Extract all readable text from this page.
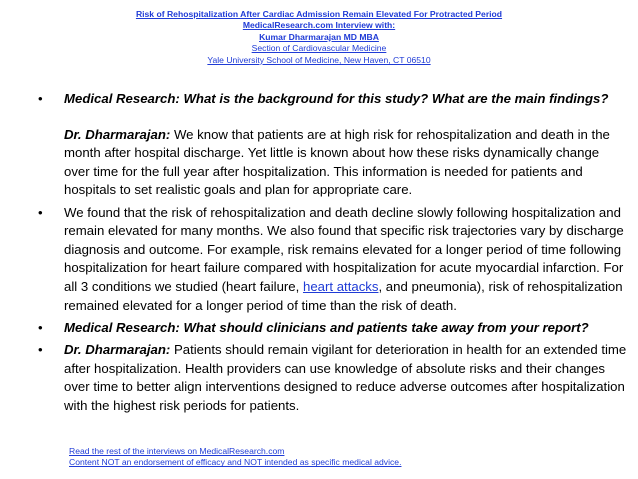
Risk of Rehospitalization After Cardiac Admission Remain Elevated For Protracted Period
MedicalResearch.com Interview with:
Kumar Dharmarajan MD MBA
Section of Cardiovascular Medicine
Yale University School of Medicine, New Haven, CT 06510
• Medical Research: What is the background for this study? What are the main findings?
Dr. Dharmarajan: We know that patients are at high risk for rehospitalization and death in the month after hospital discharge. Yet little is known about how these risks dynamically change over time for the full year after hospitalization. This information is needed for patients and hospitals to set realistic goals and plan for appropriate care.
• We found that the risk of rehospitalization and death decline slowly following hospitalization and remain elevated for many months. We also found that specific risk trajectories vary by discharge diagnosis and outcome. For example, risk remains elevated for a longer period of time following hospitalization for heart failure compared with hospitalization for acute myocardial infarction. For all 3 conditions we studied (heart failure, heart attacks, and pneumonia), risk of rehospitalization remained elevated for a longer period of time than the risk of death.
• Medical Research: What should clinicians and patients take away from your report?
• Dr. Dharmarajan: Patients should remain vigilant for deterioration in health for an extended time after hospitalization. Health providers can use knowledge of absolute risks and their changes over time to better align interventions designed to reduce adverse outcomes after hospitalization with the highest risk periods for patients.
Read the rest of the interviews on MedicalResearch.com
Content NOT an endorsement of efficacy and NOT intended as specific medical advice.
